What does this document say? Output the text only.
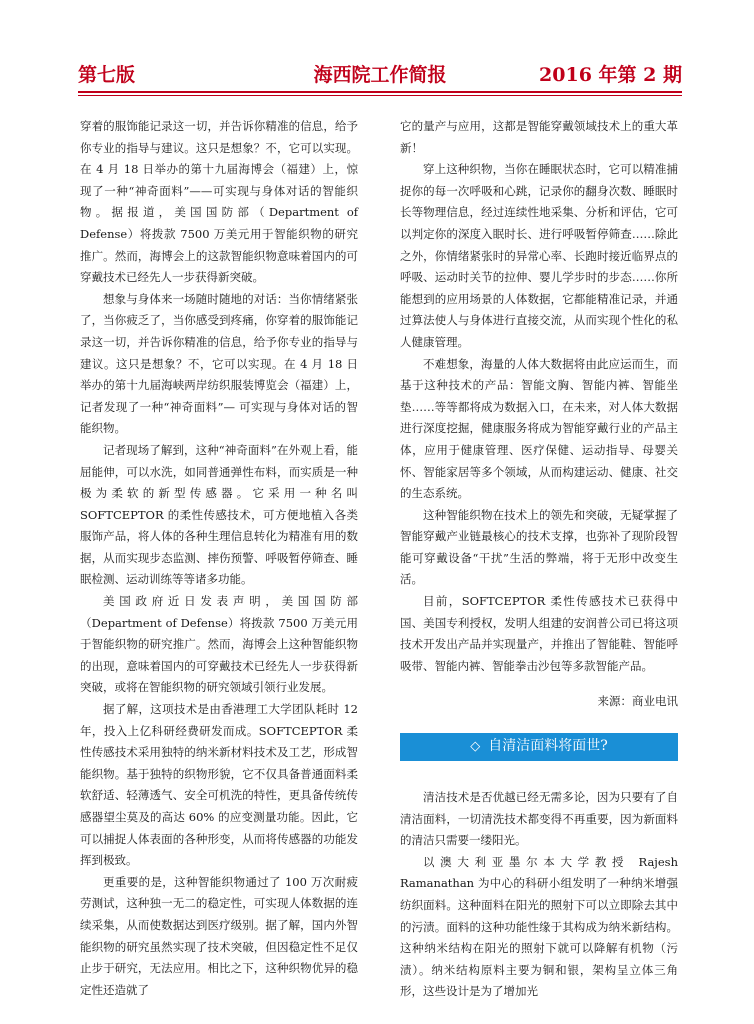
第七版	海西院工作简报	2016 年第 2 期

穿着的服饰能记录这一切，并告诉你精准的信息，给予你专业的指导与建议。这只是想象？不，它可以实现。在 4 月 18 日举办的第十九届海博会（福建）上，惊现了一种“神奇面料”——可实现与身体对话的智能织物。据报道，美国国防部（Department of Defense）将拨款 7500 万美元用于智能织物的研究推广。然而，海博会上的这款智能织物意味着国内的可穿戴技术已经先人一步获得新突破。

想象与身体来一场随时随地的对话：当你情绪紧张了，当你疲乏了，当你感受到疼痛，你穿着的服饰能记录这一切，并告诉你精准的信息，给予你专业的指导与建议。这只是想象？不，它可以实现。在 4 月 18 日举办的第十九届海峡两岸纺织服装博览会（福建）上，记者发现了一种“神奇面料”— 可实现与身体对话的智能织物。

记者现场了解到，这种“神奇面料”在外观上看，能屈能伸，可以水洗，如同普通弹性布料，而实质是一种极为柔软的新型传感器。它采用一种名叫 SOFTCEPTOR 的柔性传感技术，可方便地植入各类服饰产品，将人体的各种生理信息转化为精准有用的数据，从而实现步态监测、摔伤预警、呼吸暂停筛查、睡眠检测、运动训练等等诸多功能。

美国政府近日发表声明，美国国防部（Department of Defense）将拨款 7500 万美元用于智能织物的研究推广。然而，海博会上这种智能织物的出现，意味着国内的可穿戴技术已经先人一步获得新突破，或将在智能织物的研究领域引领行业发展。

据了解，这项技术是由香港理工大学团队耗时 12 年，投入上亿科研经费研发而成。SOFTCEPTOR 柔性传感技术采用独特的纳米新材料技术及工艺，形成智能织物。基于独特的织物形貌，它不仅具备普通面料柔软舒适、轻薄透气、安全可机洗的特性，更具备传统传感器望尘莫及的高达 60% 的应变测量功能。因此，它可以捕捉人体表面的各种形变，从而将传感器的功能发挥到极致。

更重要的是，这种智能织物通过了 100 万次耐疲劳测试，这种独一无二的稳定性，可实现人体数据的连续采集，从而使数据达到医疗级别。据了解，国内外智能织物的研究虽然实现了技术突破，但因稳定性不足仅止步于研究，无法应用。相比之下，这种织物优异的稳定性还造就了

它的量产与应用，这都是智能穿戴领域技术上的重大革新！

穿上这种织物，当你在睡眠状态时，它可以精准捕捉你的每一次呼吸和心跳，记录你的翻身次数、睡眠时长等物理信息，经过连续性地采集、分析和评估，它可以判定你的深度入眠时长、进行呼吸暂停筛查……除此之外，你情绪紧张时的异常心率、长跑时接近临界点的呼吸、运动时关节的拉伸、婴儿学步时的步态……你所能想到的应用场景的人体数据，它都能精准记录，并通过算法使人与身体进行直接交流，从而实现个性化的私人健康管理。

不难想象，海量的人体大数据将由此应运而生，而基于这种技术的产品：智能文胸、智能内裤、智能坐垫……等等都将成为数据入口，在未来，对人体大数据进行深度挖掘，健康服务将成为智能穿戴行业的产品主体，应用于健康管理、医疗保健、运动指导、母婴关怀、智能家居等多个领域，从而构建运动、健康、社交的生态系统。

这种智能织物在技术上的领先和突破，无疑掌握了智能穿戴产业链最核心的技术支撑，也弥补了现阶段智能可穿戴设备“干扰”生活的弊端，将于无形中改变生活。

目前，SOFTCEPTOR 柔性传感技术已获得中国、美国专利授权，发明人组建的安润普公司已将这项技术开发出产品并实现量产，并推出了智能鞋、智能呼吸带、智能内裤、智能拳击沙包等多款智能产品。

来源：商业电讯

◇ 自清洁面料将面世?

清洁技术是否优越已经无需多论，因为只要有了自清洁面料，一切清洗技术都变得不再重要，因为新面料的清洁只需要一缕阳光。

以澳大利亚墨尔本大学教授 Rajesh Ramanathan 为中心的科研小组发明了一种纳米增强纺织面料。这种面料在阳光的照射下可以立即除去其中的污渍。面料的这种功能性缘于其构成为纳米新结构。这种纳米结构在阳光的照射下就可以降解有机物（污渍）。纳米结构原料主要为铜和银，架构呈立体三角形，这些设计是为了增加光
